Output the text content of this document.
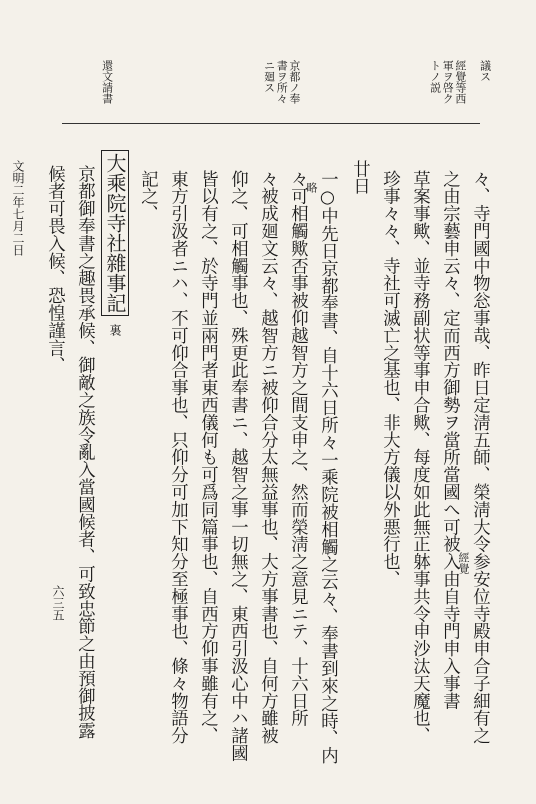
六三五
議ス
經覺等西
軍ヲ啓ク
トノ説
京都ノ奉
書ヲ所々
ニ廻ス
還文請書
々、寺門國中物忩事哉、昨日定淸五師、榮淸大令参安位寺殿申合子細有之
之由宗藝申云々、定而西方御勢ヲ當所當國へ可被入由自寺門申入事書
草案事歟、並寺務副状等事申合歟、每度如此無正躰事共令申沙汰天魔也、
珍事々々、寺社可滅亡之基也、非大方儀以外悪行也、
廿日
一○中先日京都奉書、自十六日所々一乘院被相觸之云々、奉書到來之時、内
々可相觸歟否事被仰越智方之間支申之、然而榮淸之意見ニテ、十六日所
々被成廻文云々、越智方ニ被仰合分太無益事也、大方事書也、自何方雖被
仰之、可相觸事也、殊更此奉書ニ、越智之事一切無之、東西引汲心中ハ諸國
皆以有之、於寺門並兩門者東西儀何も可爲同篇事也、自西方仰事雖有之、
東方引汲者ニハ、不可仰合事也、只仰分可加下知分至極事也、條々物語分
記之、
經覺
略
大乘院寺社雜事記裏
京都御奉書之趣畏承候、御敵之族令亂入當國候者、可致忠節之由預御披露
候者可畏入候、恐惶謹言、
文明二年七月二日
